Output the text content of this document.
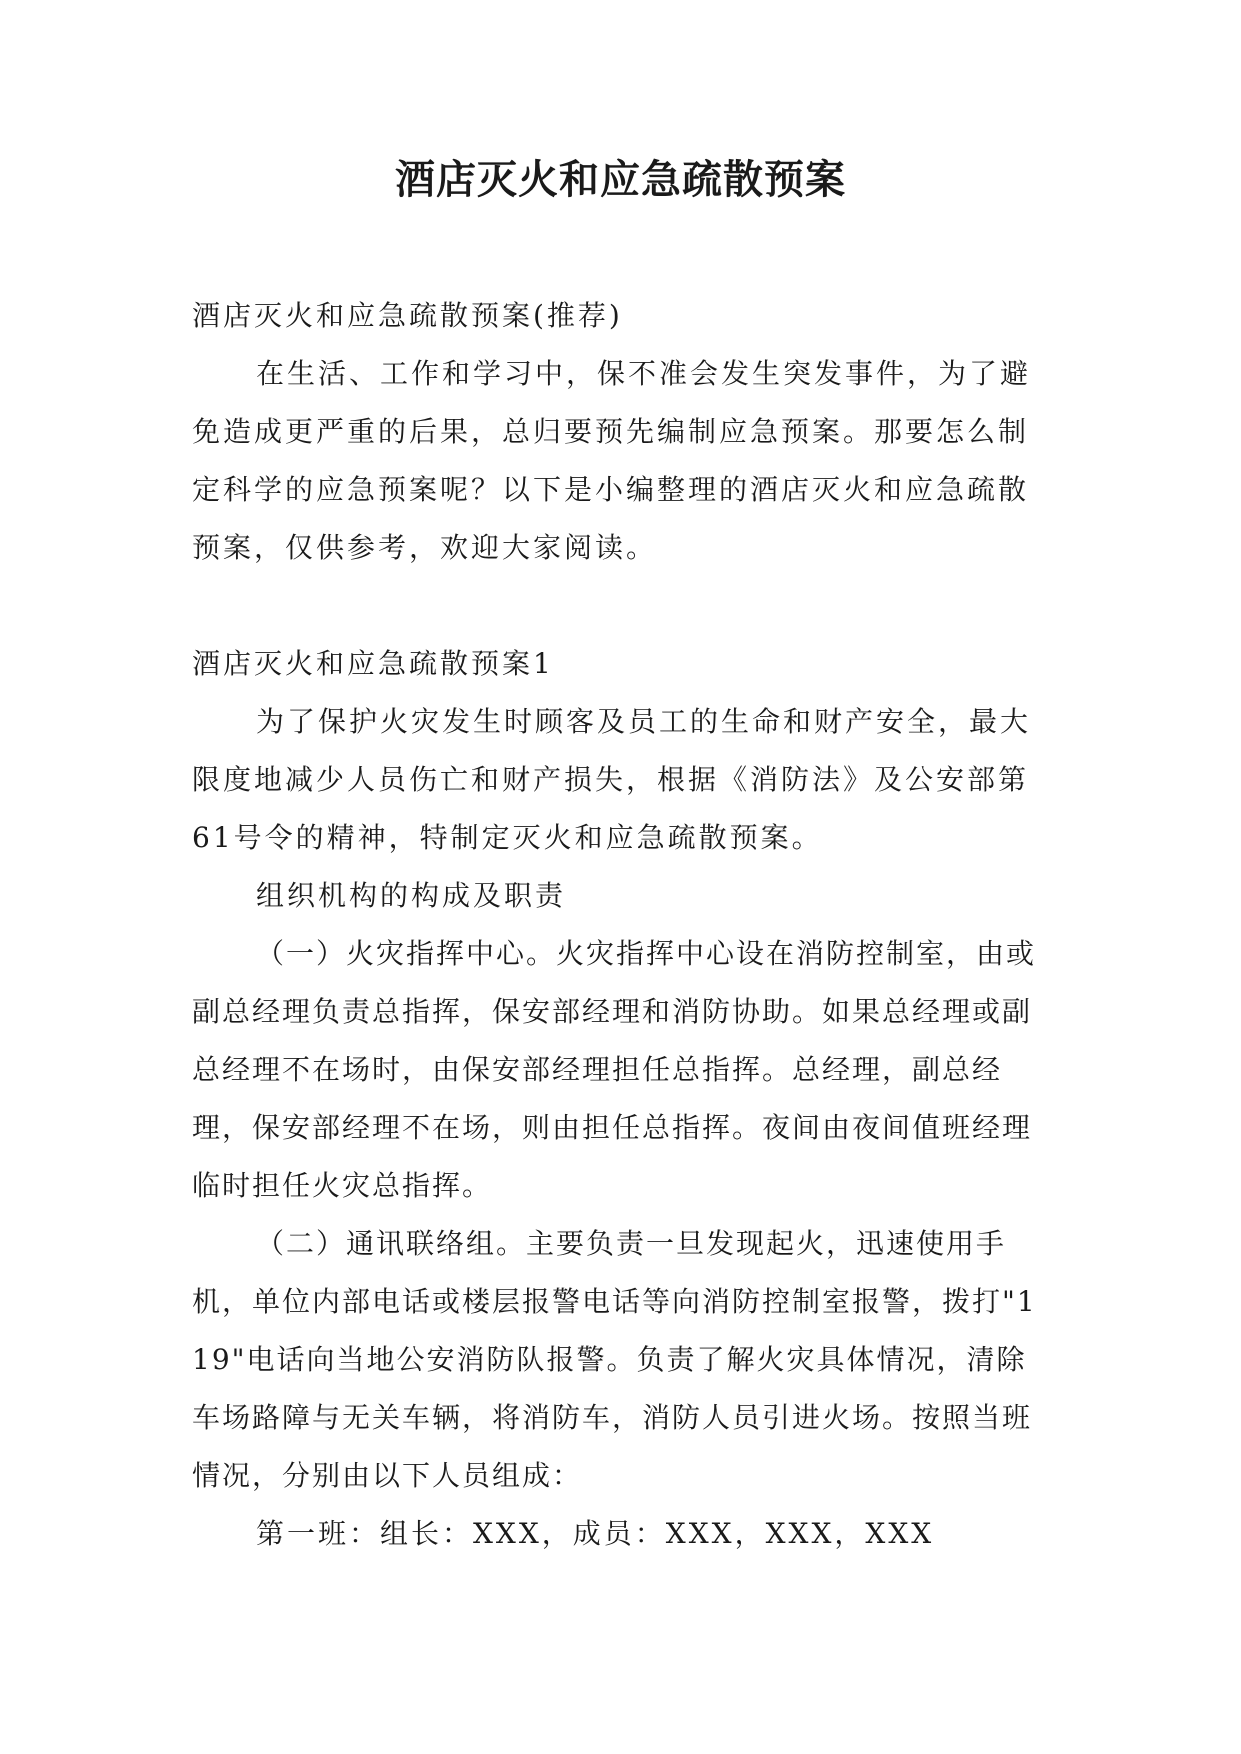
酒店灭火和应急疏散预案

酒店灭火和应急疏散预案(推荐)

在生活、工作和学习中，保不准会发生突发事件，为了避免造成更严重的后果，总归要预先编制应急预案。那要怎么制定科学的应急预案呢？以下是小编整理的酒店灭火和应急疏散预案，仅供参考，欢迎大家阅读。

酒店灭火和应急疏散预案1

为了保护火灾发生时顾客及员工的生命和财产安全，最大限度地减少人员伤亡和财产损失，根据《消防法》及公安部第61号令的精神，特制定灭火和应急疏散预案。

组织机构的构成及职责

（一）火灾指挥中心。火灾指挥中心设在消防控制室，由或副总经理负责总指挥，保安部经理和消防协助。如果总经理或副总经理不在场时，由保安部经理担任总指挥。总经理，副总经理，保安部经理不在场，则由担任总指挥。夜间由夜间值班经理临时担任火灾总指挥。

（二）通讯联络组。主要负责一旦发现起火，迅速使用手机，单位内部电话或楼层报警电话等向消防控制室报警，拨打"1 19"电话向当地公安消防队报警。负责了解火灾具体情况，清除车场路障与无关车辆，将消防车，消防人员引进火场。按照当班情况，分别由以下人员组成：

第一班：组长：XXX，成员：XXX，XXX，XXX
